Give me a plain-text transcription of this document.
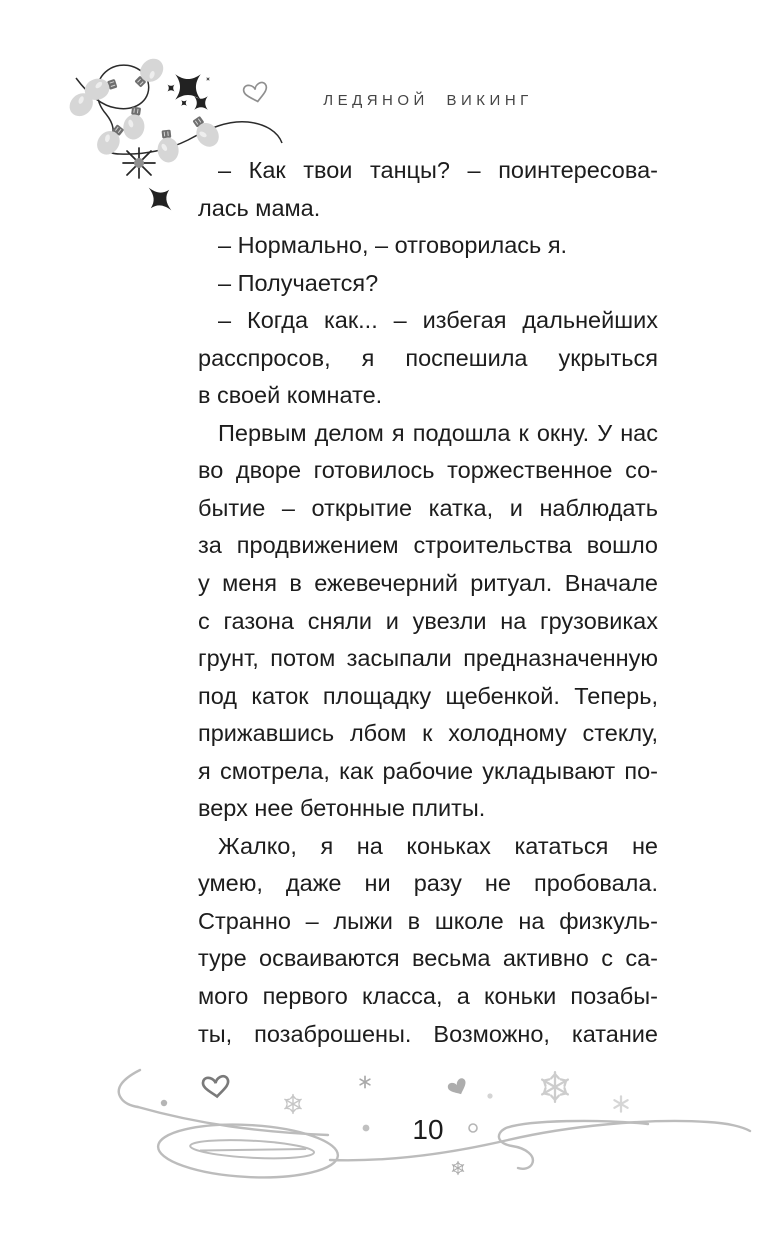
ЛЕДЯНОЙ ВИКИНГ
– Как твои танцы? – поинтересова-
лась мама.
– Нормально, – отговорилась я.
– Получается?
– Когда как... – избегая дальнейших
расспросов, я поспешила укрыться
в своей комнате.
Первым делом я подошла к окну. У нас
во дворе готовилось торжественное со-
бытие – открытие катка, и наблюдать
за продвижением строительства вошло
у меня в ежевечерний ритуал. Вначале
с газона сняли и увезли на грузовиках
грунт, потом засыпали предназначенную
под каток площадку щебенкой. Теперь,
прижавшись лбом к холодному стеклу,
я смотрела, как рабочие укладывают по-
верх нее бетонные плиты.
Жалко, я на коньках кататься не
умею, даже ни разу не пробовала.
Странно – лыжи в школе на физкуль-
туре осваиваются весьма активно с са-
мого первого класса, а коньки позабы-
ты, позаброшены. Возможно, катание
10
